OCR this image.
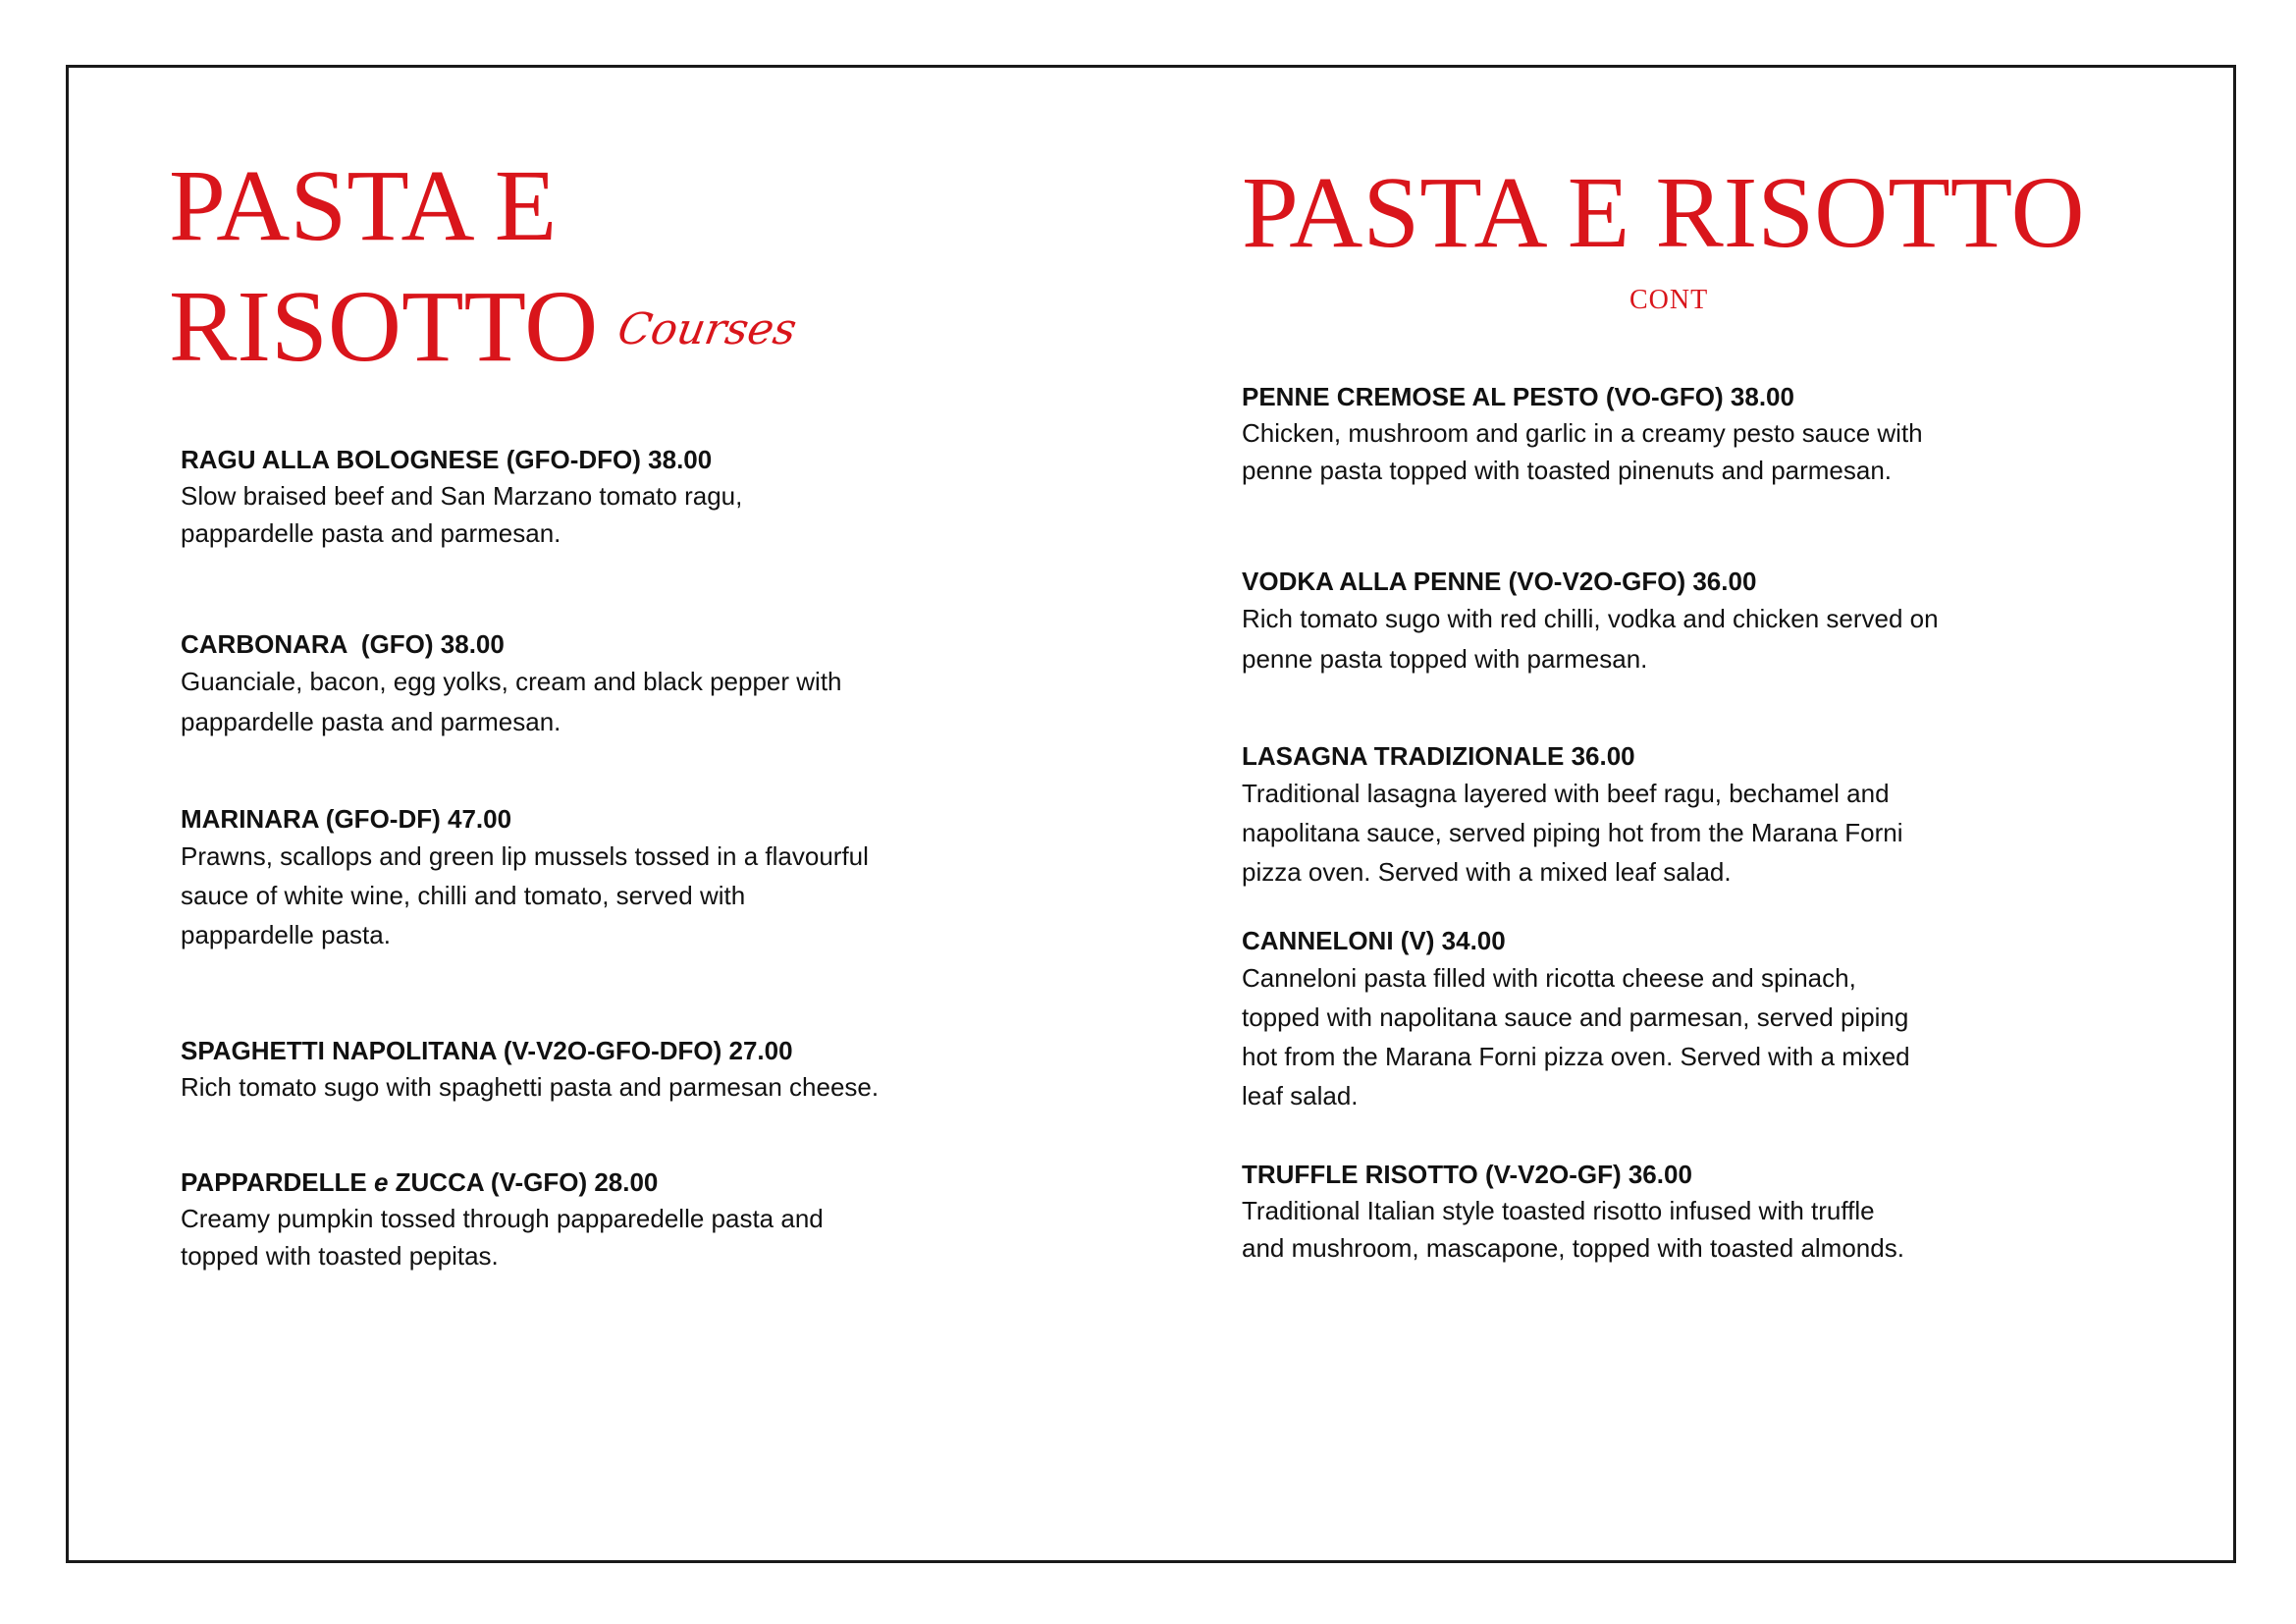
PASTA E
RISOTTO Courses
RAGU ALLA BOLOGNESE (GFO-DFO) 38.00
Slow braised beef and San Marzano tomato ragu,
pappardelle pasta and parmesan.
CARBONARA  (GFO) 38.00
Guanciale, bacon, egg yolks, cream and black pepper with
pappardelle pasta and parmesan.
MARINARA (GFO-DF) 47.00
Prawns, scallops and green lip mussels tossed in a flavourful
sauce of white wine, chilli and tomato, served with
pappardelle pasta.
SPAGHETTI NAPOLITANA (V-V2O-GFO-DFO) 27.00
Rich tomato sugo with spaghetti pasta and parmesan cheese.
PAPPARDELLE e ZUCCA (V-GFO) 28.00
Creamy pumpkin tossed through papparedelle pasta and
topped with toasted pepitas.
PASTA E RISOTTO
CONT
PENNE CREMOSE AL PESTO (VO-GFO) 38.00
Chicken, mushroom and garlic in a creamy pesto sauce with
penne pasta topped with toasted pinenuts and parmesan.
VODKA ALLA PENNE (VO-V2O-GFO) 36.00
Rich tomato sugo with red chilli, vodka and chicken served on
penne pasta topped with parmesan.
LASAGNA TRADIZIONALE 36.00
Traditional lasagna layered with beef ragu, bechamel and
napolitana sauce, served piping hot from the Marana Forni
pizza oven. Served with a mixed leaf salad.
CANNELONI (V) 34.00
Canneloni pasta filled with ricotta cheese and spinach,
topped with napolitana sauce and parmesan, served piping
hot from the Marana Forni pizza oven. Served with a mixed
leaf salad.
TRUFFLE RISOTTO (V-V2O-GF) 36.00
Traditional Italian style toasted risotto infused with truffle
and mushroom, mascapone, topped with toasted almonds.
